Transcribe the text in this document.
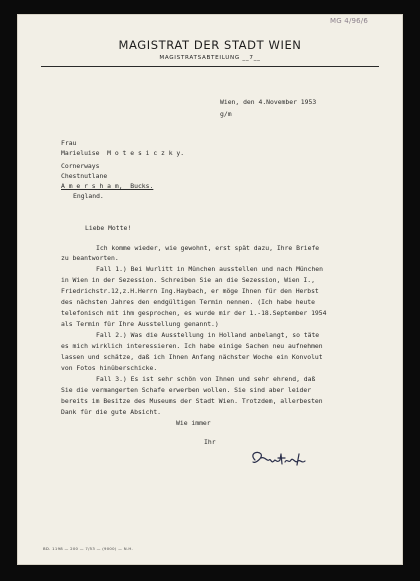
MG 4/96/6
MAGISTRAT DER STADT WIEN
MAGISTRATSABTEILUNG __7__
Wien, den 4.November 1953
g/m
Frau
Marieluise  M o t e s i c z k y.
Cornerways
Chestnutlane
A m e r s h a m,  Bucks.
England.
Liebe Motte!
Ich komme wieder, wie gewohnt, erst spät dazu, Ihre Briefe
zu beantworten.
Fall 1.) Bei Wurlitt in München ausstellen und nach München
in Wien in der Sezession. Schreiben Sie an die Sezession, Wien I.,
Friedrichstr.12,z.H.Herrn Ing.Haybach, er möge Ihnen für den Herbst
des nächsten Jahres den endgültigen Termin nennen. (Ich habe heute
telefonisch mit ihm gesprochen, es wurde mir der 1.-18.September 1954
als Termin für Ihre Ausstellung genannt.)
Fall 2.) Was die Ausstellung in Holland anbelangt, so täte
es mich wirklich interessieren. Ich habe einige Sachen neu aufnehmen
lassen und schätze, daß ich Ihnen Anfang nächster Woche ein Konvolut
von Fotos hinüberschicke.
Fall 3.) Es ist sehr schön von Ihnen und sehr ehrend, daß
Sie die vermangerten Schafe erwerben wollen. Sie sind aber leider
bereits im Besitze des Museums der Stadt Wien. Trotzdem, allerbesten
Dank für die gute Absicht.
Wie immer
Ihr
BD. 1198 — 200 — 7/53 — (9000) — N.H.
